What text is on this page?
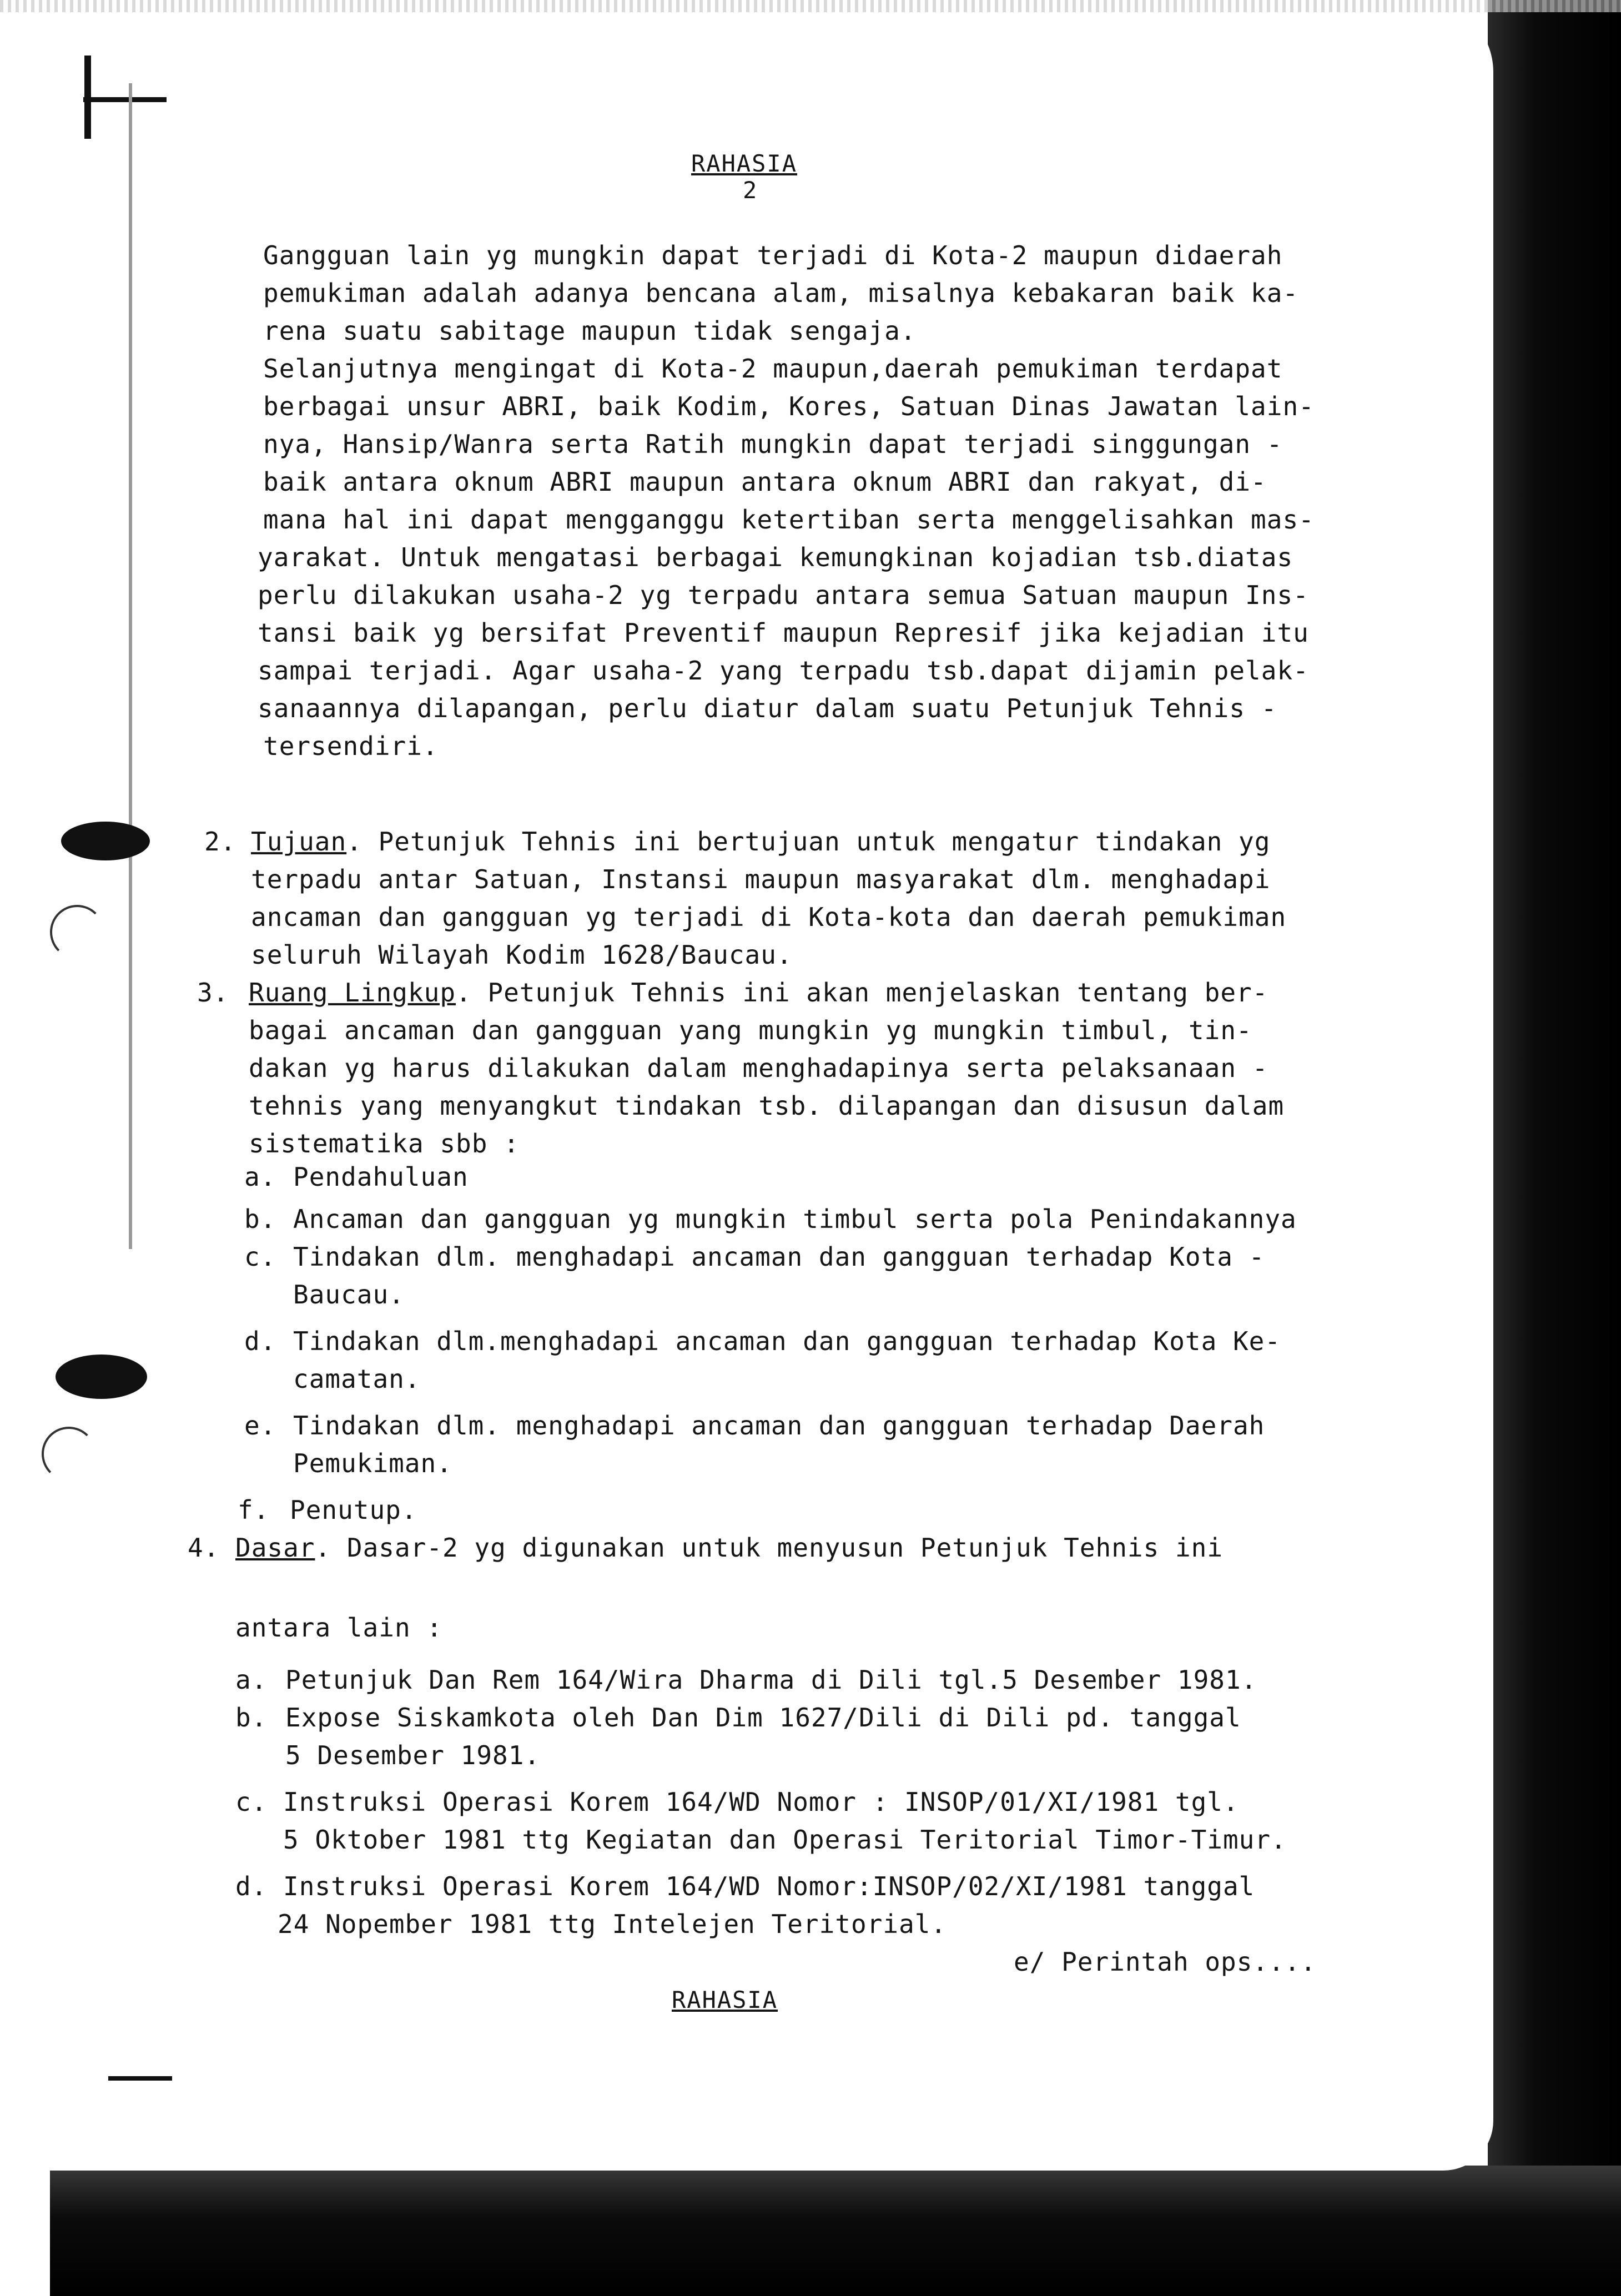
RAHASIA
2
Gangguan lain yg mungkin dapat terjadi di Kota-2 maupun didaerah
pemukiman adalah adanya bencana alam, misalnya kebakaran baik ka-
rena suatu sabitage maupun tidak sengaja.
Selanjutnya mengingat di Kota-2 maupun,daerah pemukiman terdapat
berbagai unsur ABRI, baik Kodim, Kores, Satuan Dinas Jawatan lain-
nya, Hansip/Wanra serta Ratih mungkin dapat terjadi singgungan -
baik antara oknum ABRI maupun antara oknum ABRI dan rakyat, di-
mana hal ini dapat mengganggu ketertiban serta menggelisahkan mas-
yarakat. Untuk mengatasi berbagai kemungkinan kojadian tsb.diatas
perlu dilakukan usaha-2 yg terpadu antara semua Satuan maupun Ins-
tansi baik yg bersifat Preventif maupun Represif jika kejadian itu
sampai terjadi. Agar usaha-2 yang terpadu tsb.dapat dijamin pelak-
sanaannya dilapangan, perlu diatur dalam suatu Petunjuk Tehnis -
tersendiri.
2. Tujuan. Petunjuk Tehnis ini bertujuan untuk mengatur tindakan yg
terpadu antar Satuan, Instansi maupun masyarakat dlm. menghadapi
ancaman dan gangguan yg terjadi di Kota-kota dan daerah pemukiman
seluruh Wilayah Kodim 1628/Baucau.
3. Ruang Lingkup. Petunjuk Tehnis ini akan menjelaskan tentang ber-
bagai ancaman dan gangguan yang mungkin yg mungkin timbul, tin-
dakan yg harus dilakukan dalam menghadapinya serta pelaksanaan -
tehnis yang menyangkut tindakan tsb. dilapangan dan disusun dalam
sistematika sbb :
a. Pendahuluan
b. Ancaman dan gangguan yg mungkin timbul serta pola Penindakannya
c. Tindakan dlm. menghadapi ancaman dan gangguan terhadap Kota -
Baucau.
d. Tindakan dlm.menghadapi ancaman dan gangguan terhadap Kota Ke-
camatan.
e. Tindakan dlm. menghadapi ancaman dan gangguan terhadap Daerah
Pemukiman.
f. Penutup.
4. Dasar. Dasar-2 yg digunakan untuk menyusun Petunjuk Tehnis ini
antara lain :
a. Petunjuk Dan Rem 164/Wira Dharma di Dili tgl.5 Desember 1981.
b. Expose Siskamkota oleh Dan Dim 1627/Dili di Dili pd. tanggal
5 Desember 1981.
c. Instruksi Operasi Korem 164/WD Nomor : INSOP/01/XI/1981 tgl.
5 Oktober 1981 ttg Kegiatan dan Operasi Teritorial Timor-Timur.
d. Instruksi Operasi Korem 164/WD Nomor:INSOP/02/XI/1981 tanggal
24 Nopember 1981 ttg Intelejen Teritorial.
e/ Perintah ops....
RAHASIA
